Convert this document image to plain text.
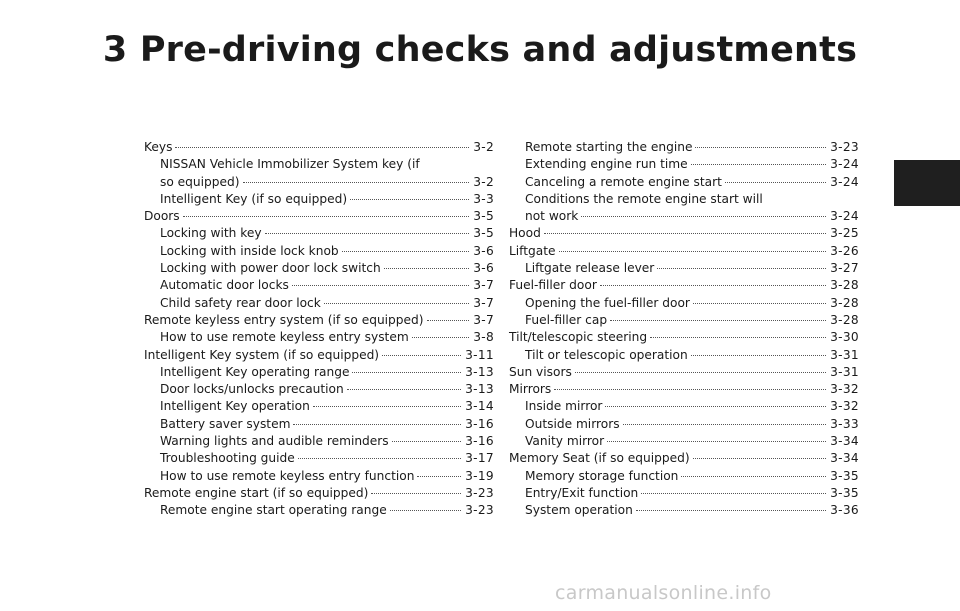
3 Pre-driving checks and adjustments
Keys	3-2
NISSAN Vehicle Immobilizer System key (if
so equipped)	3-2
Intelligent Key (if so equipped)	3-3
Doors	3-5
Locking with key	3-5
Locking with inside lock knob	3-6
Locking with power door lock switch	3-6
Automatic door locks	3-7
Child safety rear door lock	3-7
Remote keyless entry system (if so equipped)	3-7
How to use remote keyless entry system	3-8
Intelligent Key system (if so equipped)	3-11
Intelligent Key operating range	3-13
Door locks/unlocks precaution	3-13
Intelligent Key operation	3-14
Battery saver system	3-16
Warning lights and audible reminders	3-16
Troubleshooting guide	3-17
How to use remote keyless entry function	3-19
Remote engine start (if so equipped)	3-23
Remote engine start operating range	3-23
Remote starting the engine	3-23
Extending engine run time	3-24
Canceling a remote engine start	3-24
Conditions the remote engine start will
not work	3-24
Hood	3-25
Liftgate	3-26
Liftgate release lever	3-27
Fuel-filler door	3-28
Opening the fuel-filler door	3-28
Fuel-filler cap	3-28
Tilt/telescopic steering	3-30
Tilt or telescopic operation	3-31
Sun visors	3-31
Mirrors	3-32
Inside mirror	3-32
Outside mirrors	3-33
Vanity mirror	3-34
Memory Seat (if so equipped)	3-34
Memory storage function	3-35
Entry/Exit function	3-35
System operation	3-36
carmanualsonline.info
